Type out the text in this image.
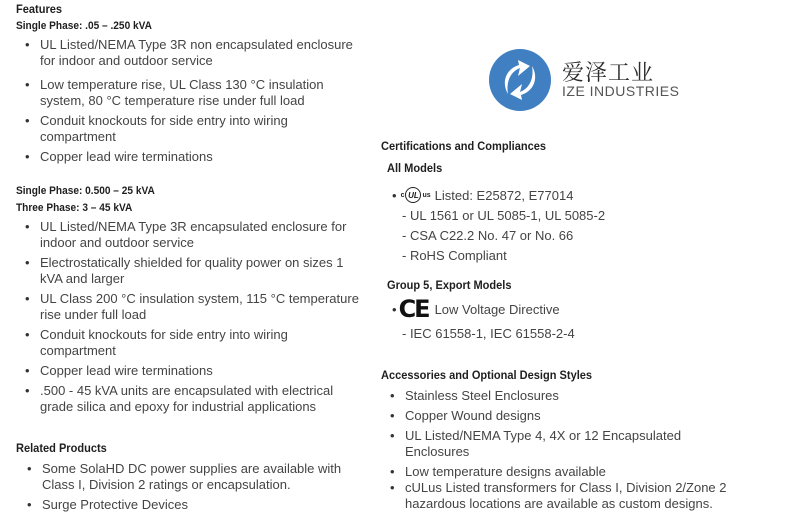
Features
Single Phase: .05 – .250 kVA
• UL Listed/NEMA Type 3R non encapsulated enclosure for indoor and outdoor service
• Low temperature rise, UL Class 130 °C insulation system, 80 °C temperature rise under full load
• Conduit knockouts for side entry into wiring compartment
• Copper lead wire terminations
Single Phase: 0.500 – 25 kVA
Three Phase: 3 – 45 kVA
• UL Listed/NEMA Type 3R encapsulated enclosure for indoor and outdoor service
• Electrostatically shielded for quality power on sizes 1 kVA and larger
• UL Class 200 °C insulation system, 115 °C temperature rise under full load
• Conduit knockouts for side entry into wiring compartment
• Copper lead wire terminations
• .500 - 45 kVA units are encapsulated with electrical grade silica and epoxy for industrial applications
Related Products
• Some SolaHD DC power supplies are available with Class I, Division 2 ratings or encapsulation.
• Surge Protective Devices
爱泽工业
IZE INDUSTRIES
Certifications and Compliances
All Models
• c UL us Listed: E25872, E77014
- UL 1561 or UL 5085-1, UL 5085-2
- CSA C22.2 No. 47 or No. 66
- RoHS Compliant
Group 5, Export Models
• CE Low Voltage Directive
- IEC 61558-1, IEC 61558-2-4
Accessories and Optional Design Styles
• Stainless Steel Enclosures
• Copper Wound designs
• UL Listed/NEMA Type 4, 4X or 12 Encapsulated Enclosures
• Low temperature designs available
• cULus Listed transformers for Class I, Division 2/Zone 2 hazardous locations are available as custom designs.
